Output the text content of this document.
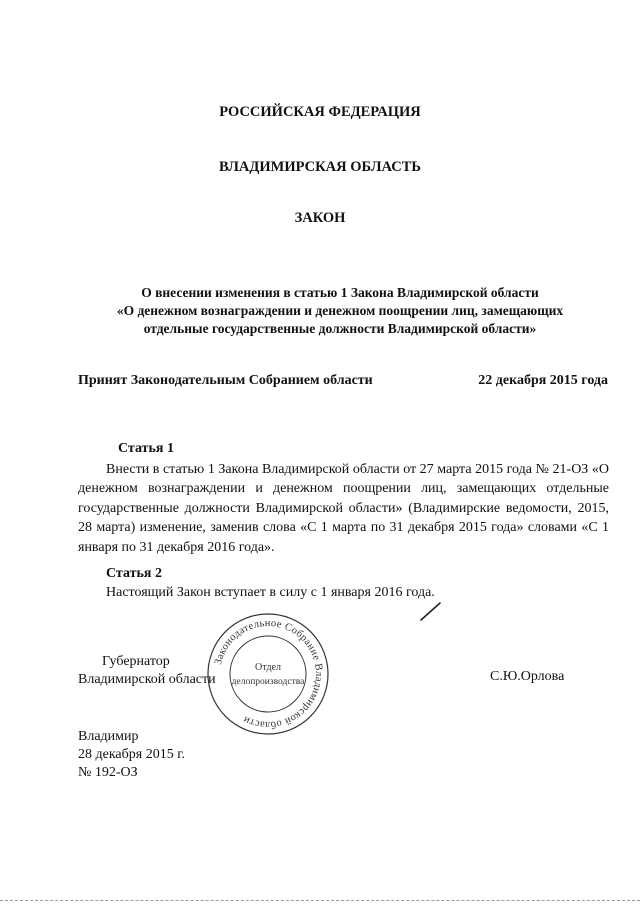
РОССИЙСКАЯ ФЕДЕРАЦИЯ
ВЛАДИМИРСКАЯ ОБЛАСТЬ
ЗАКОН
О внесении изменения в статью 1 Закона Владимирской области
«О денежном вознаграждении и денежном поощрении лиц, замещающих
отдельные государственные должности Владимирской области»
Принят Законодательным Собранием области	22 декабря 2015 года
Статья 1

Внести в статью 1 Закона Владимирской области от 27 марта 2015 года № 21-ОЗ «О денежном вознаграждении и денежном поощрении лиц, замещающих отдельные государственные должности Владимирской области» (Владимирские ведомости, 2015, 28 марта) изменение, заменив слова «С 1 марта по 31 декабря 2015 года» словами «С 1 января по 31 декабря 2016 года».

Статья 2
Настоящий Закон вступает в силу с 1 января 2016 года.
Законодательное Собрание Владимирской области
Отдел
делопроизводства
Губернатор
Владимирской области	С.Ю.Орлова
Владимир
28 декабря 2015 г.
№ 192-ОЗ
